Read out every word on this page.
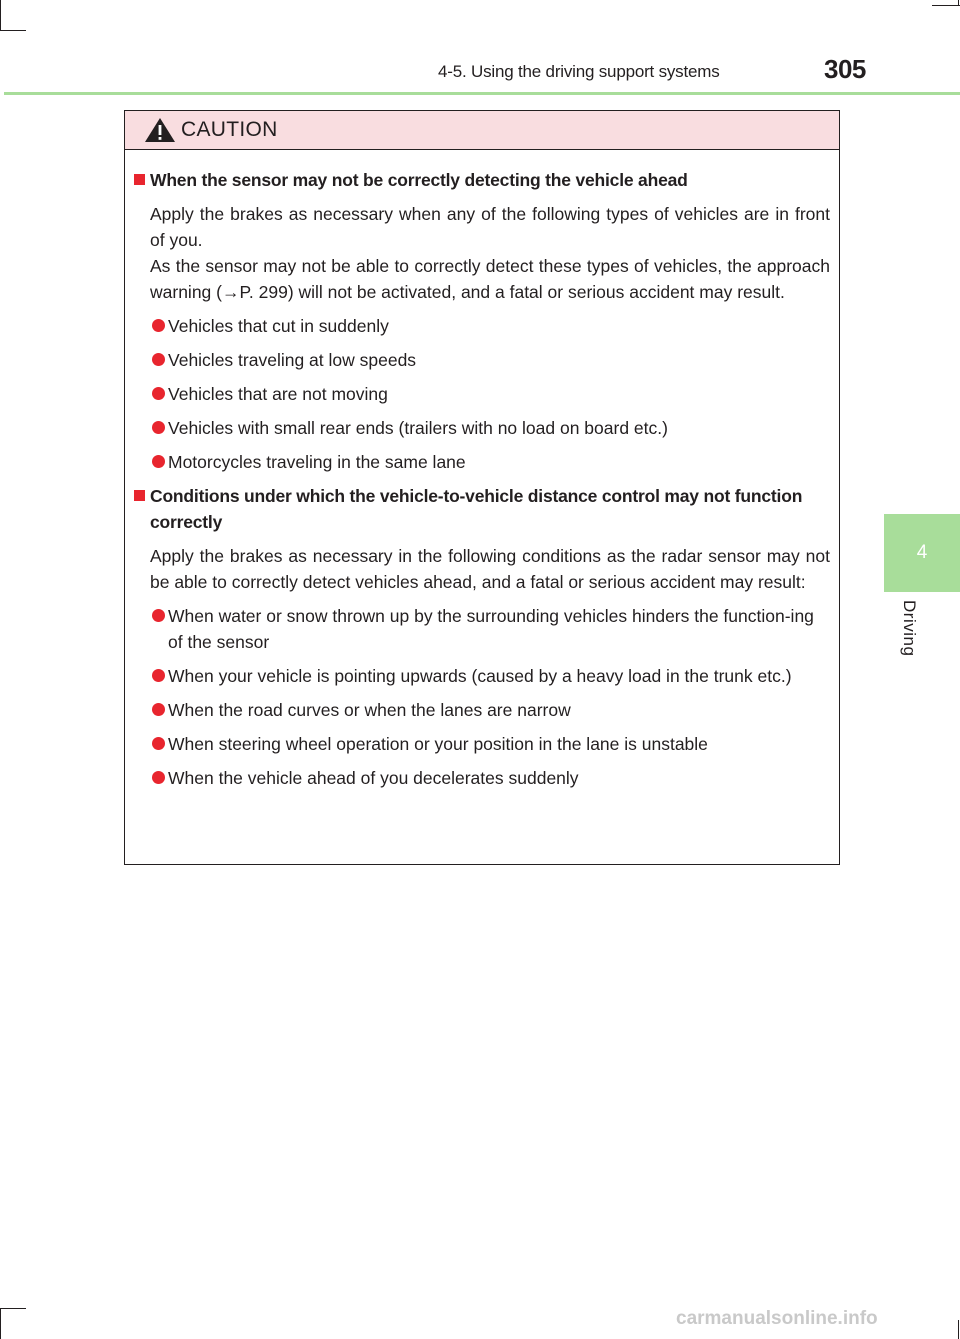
4-5. Using the driving support systems	305
4
Driving
CAUTION
When the sensor may not be correctly detecting the vehicle ahead
Apply the brakes as necessary when any of the following types of vehicles are in front of you.
As the sensor may not be able to correctly detect these types of vehicles, the approach warning (→P. 299) will not be activated, and a fatal or serious accident may result.
Vehicles that cut in suddenly
Vehicles traveling at low speeds
Vehicles that are not moving
Vehicles with small rear ends (trailers with no load on board etc.)
Motorcycles traveling in the same lane
Conditions under which the vehicle-to-vehicle distance control may not function correctly
Apply the brakes as necessary in the following conditions as the radar sensor may not be able to correctly detect vehicles ahead, and a fatal or serious accident may result:
When water or snow thrown up by the surrounding vehicles hinders the function-ing of the sensor
When your vehicle is pointing upwards (caused by a heavy load in the trunk etc.)
When the road curves or when the lanes are narrow
When steering wheel operation or your position in the lane is unstable
When the vehicle ahead of you decelerates suddenly
carmanualsonline.info
